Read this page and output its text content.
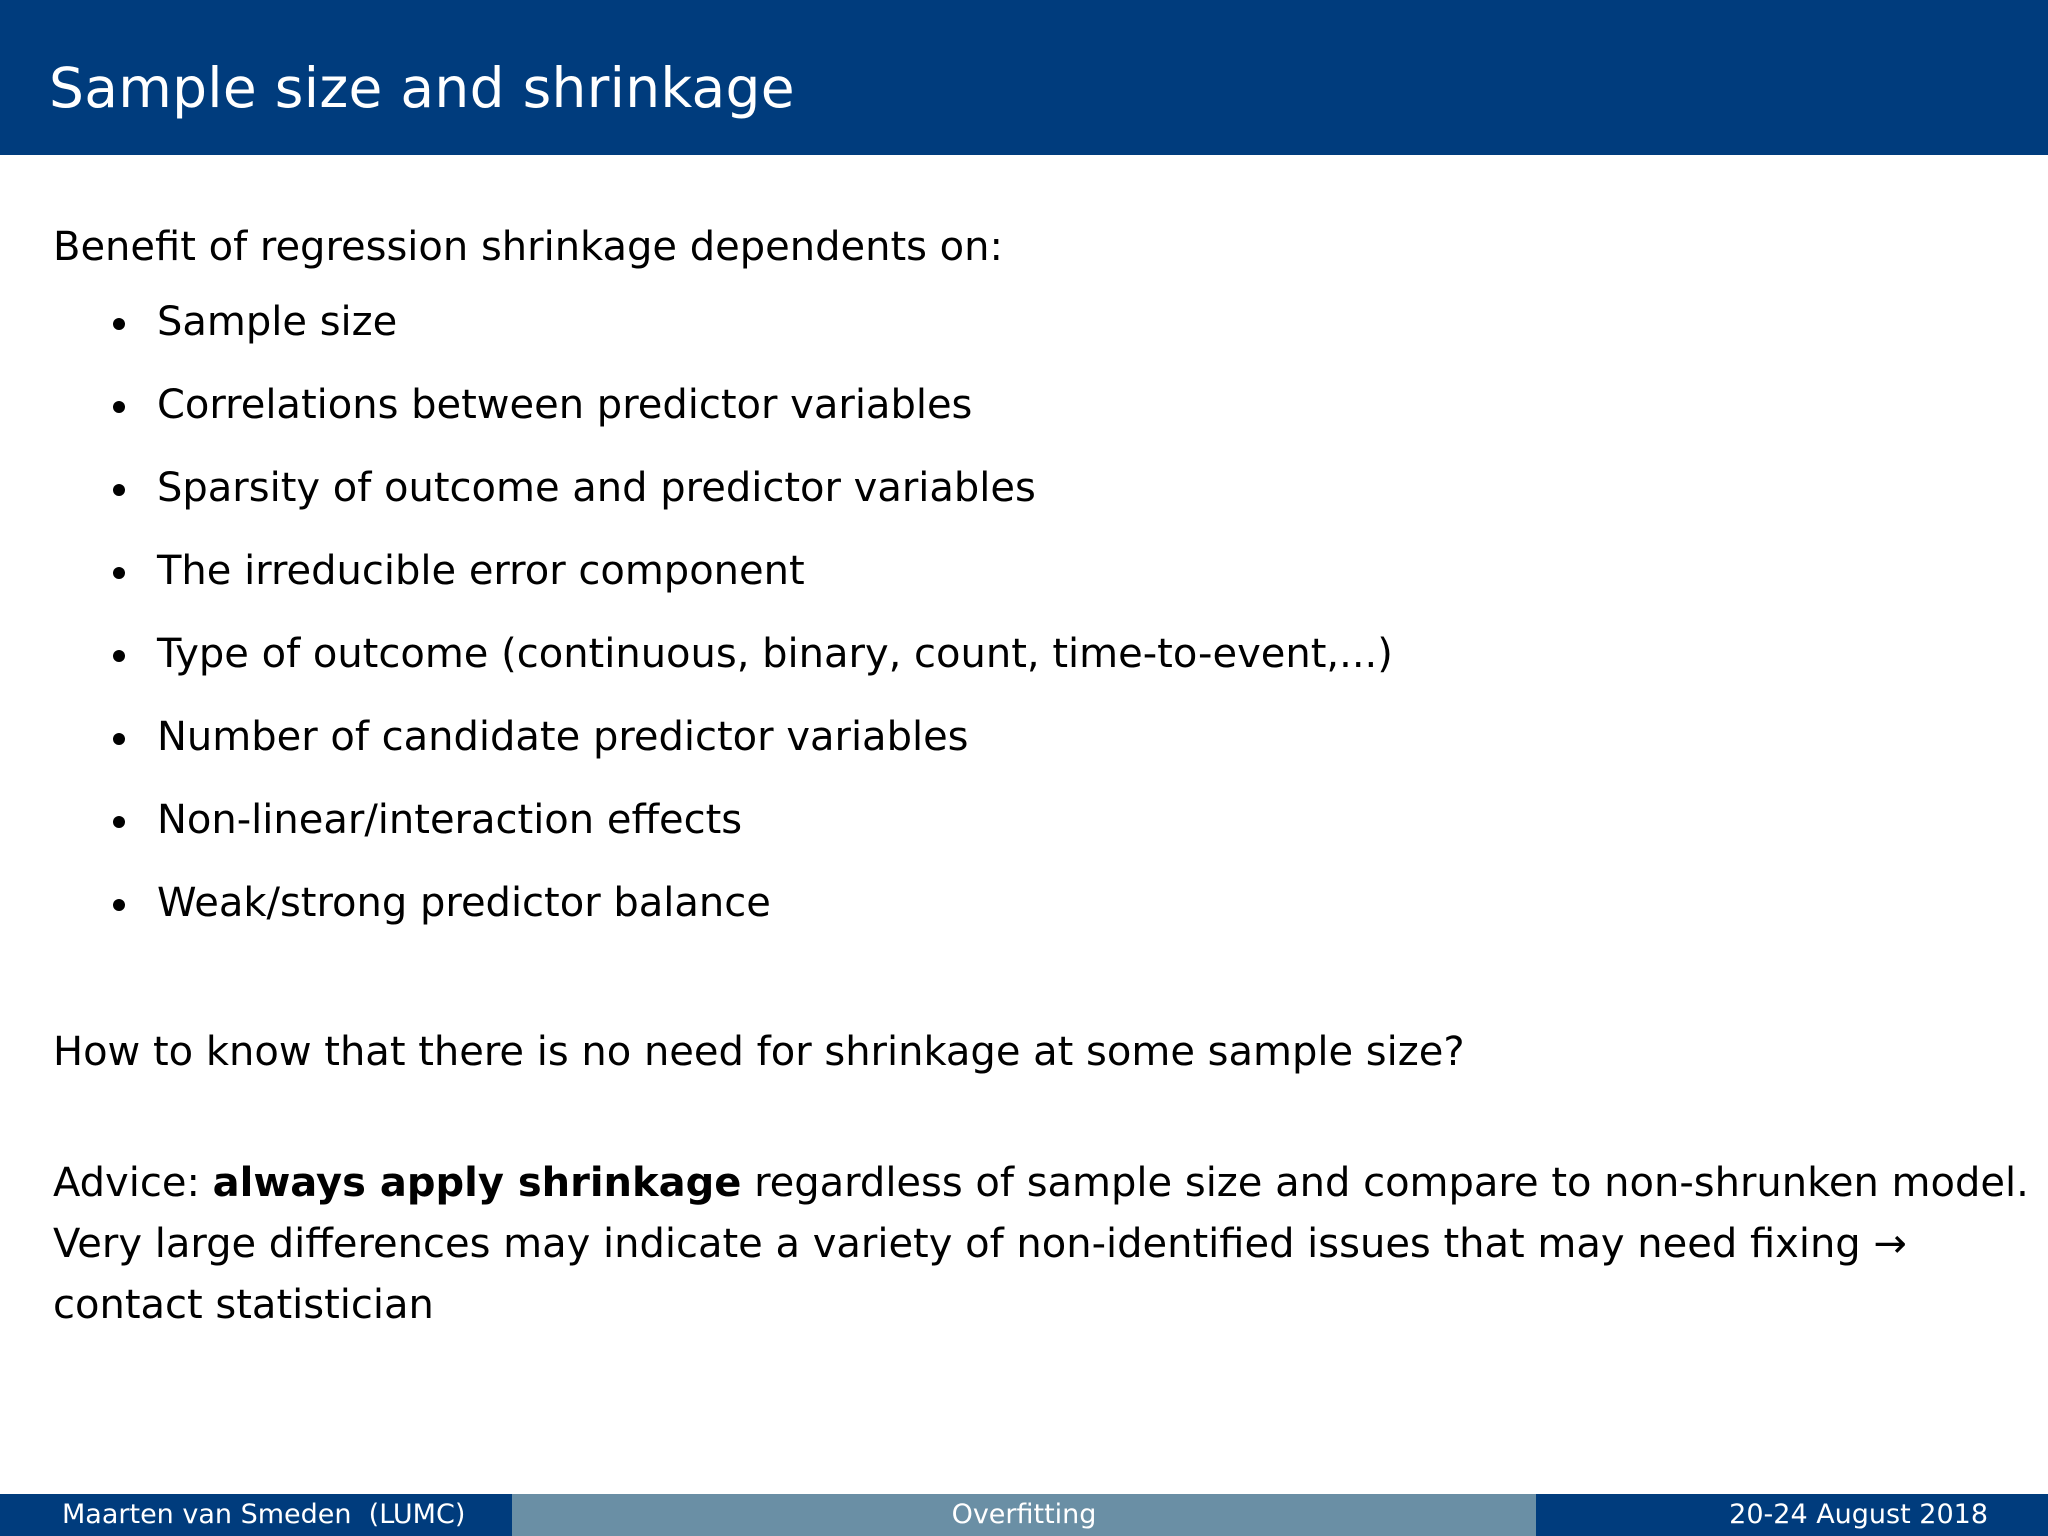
Sample size and shrinkage
Benefit of regression shrinkage dependents on:
Sample size
Correlations between predictor variables
Sparsity of outcome and predictor variables
The irreducible error component
Type of outcome (continuous, binary, count, time-to-event,...)
Number of candidate predictor variables
Non-linear/interaction effects
Weak/strong predictor balance
How to know that there is no need for shrinkage at some sample size?
Advice: always apply shrinkage regardless of sample size and compare to non-shrunken model.
Very large differences may indicate a variety of non-identified issues that may need fixing →
contact statistician
Maarten van Smeden  (LUMC)	Overfitting	20-24 August 2018
